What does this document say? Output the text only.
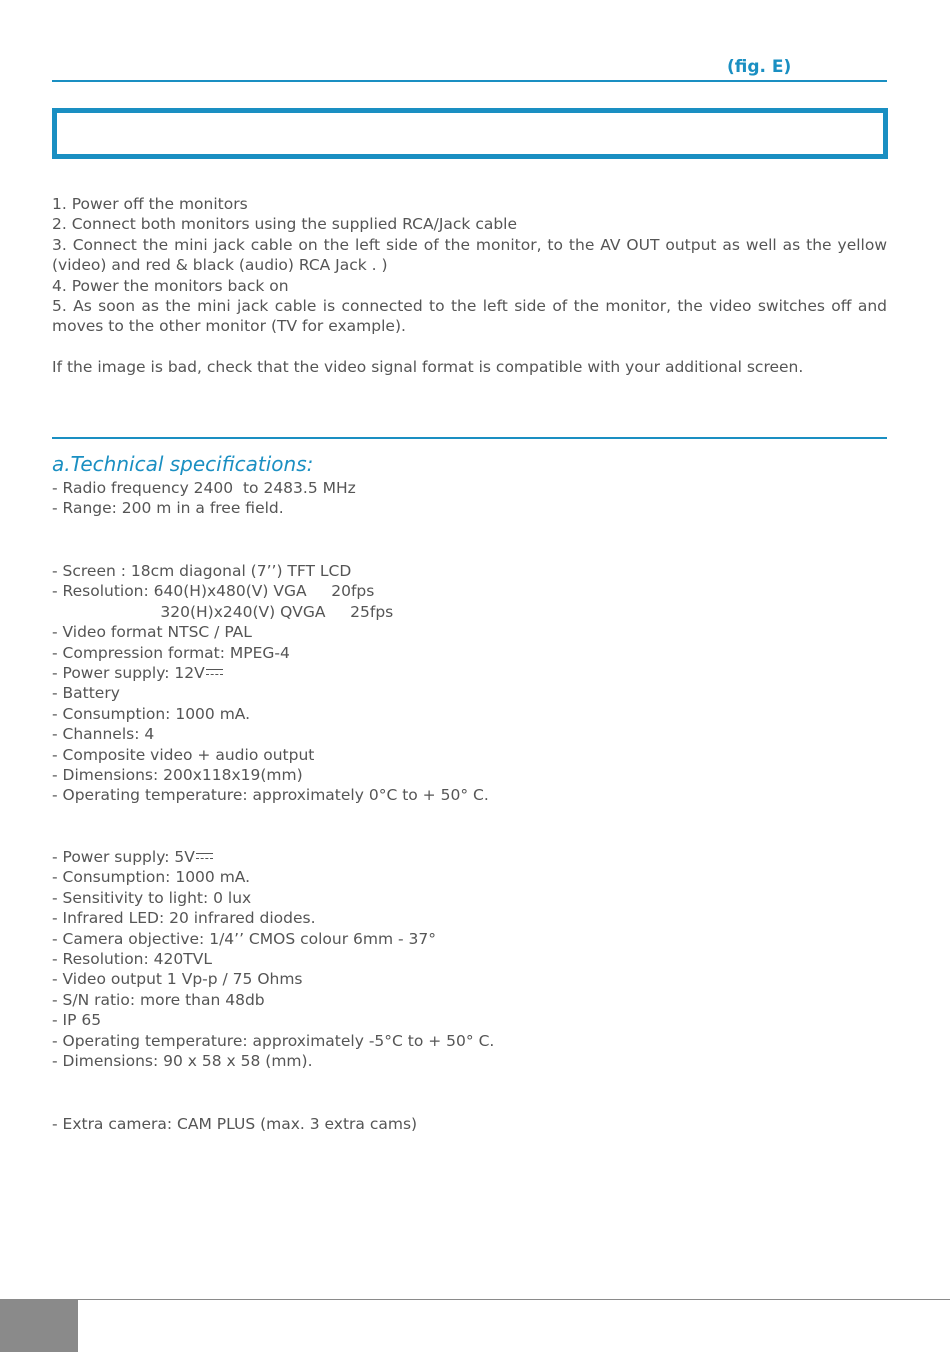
(fig. E)

1. Power off the monitors

2. Connect both monitors using the supplied RCA/Jack cable

3. Connect the mini jack cable on the left side of the monitor, to the AV OUT output as well as the yellow (video) and red & black (audio) RCA Jack . )

4. Power the monitors back on

5. As soon as the mini jack cable is connected to the left side of the monitor, the video switches off and moves to the other monitor (TV for example).

If the image is bad, check that the video signal format is compatible with your additional screen.
a.Technical specifications:
- Radio frequency 2400  to 2483.5 MHz
- Range: 200 m in a free field.
- Screen : 18cm diagonal (7’’) TFT LCD
- Resolution: 640(H)x480(V) VGA     20fps
320(H)x240(V) QVGA     25fps
- Video format NTSC / PAL
- Compression format: MPEG-4
- Power supply: 12V
- Battery
- Consumption: 1000 mA.
- Channels: 4
- Composite video + audio output
- Dimensions: 200x118x19(mm)
- Operating temperature: approximately 0°C to + 50° C.
- Power supply: 5V
- Consumption: 1000 mA.
- Sensitivity to light: 0 lux
- Infrared LED: 20 infrared diodes.
- Camera objective: 1/4’’ CMOS colour 6mm - 37°
- Resolution: 420TVL
- Video output 1 Vp-p / 75 Ohms
- S/N ratio: more than 48db
- IP 65
- Operating temperature: approximately -5°C to + 50° C.
- Dimensions: 90 x 58 x 58 (mm).
- Extra camera: CAM PLUS (max. 3 extra cams)
